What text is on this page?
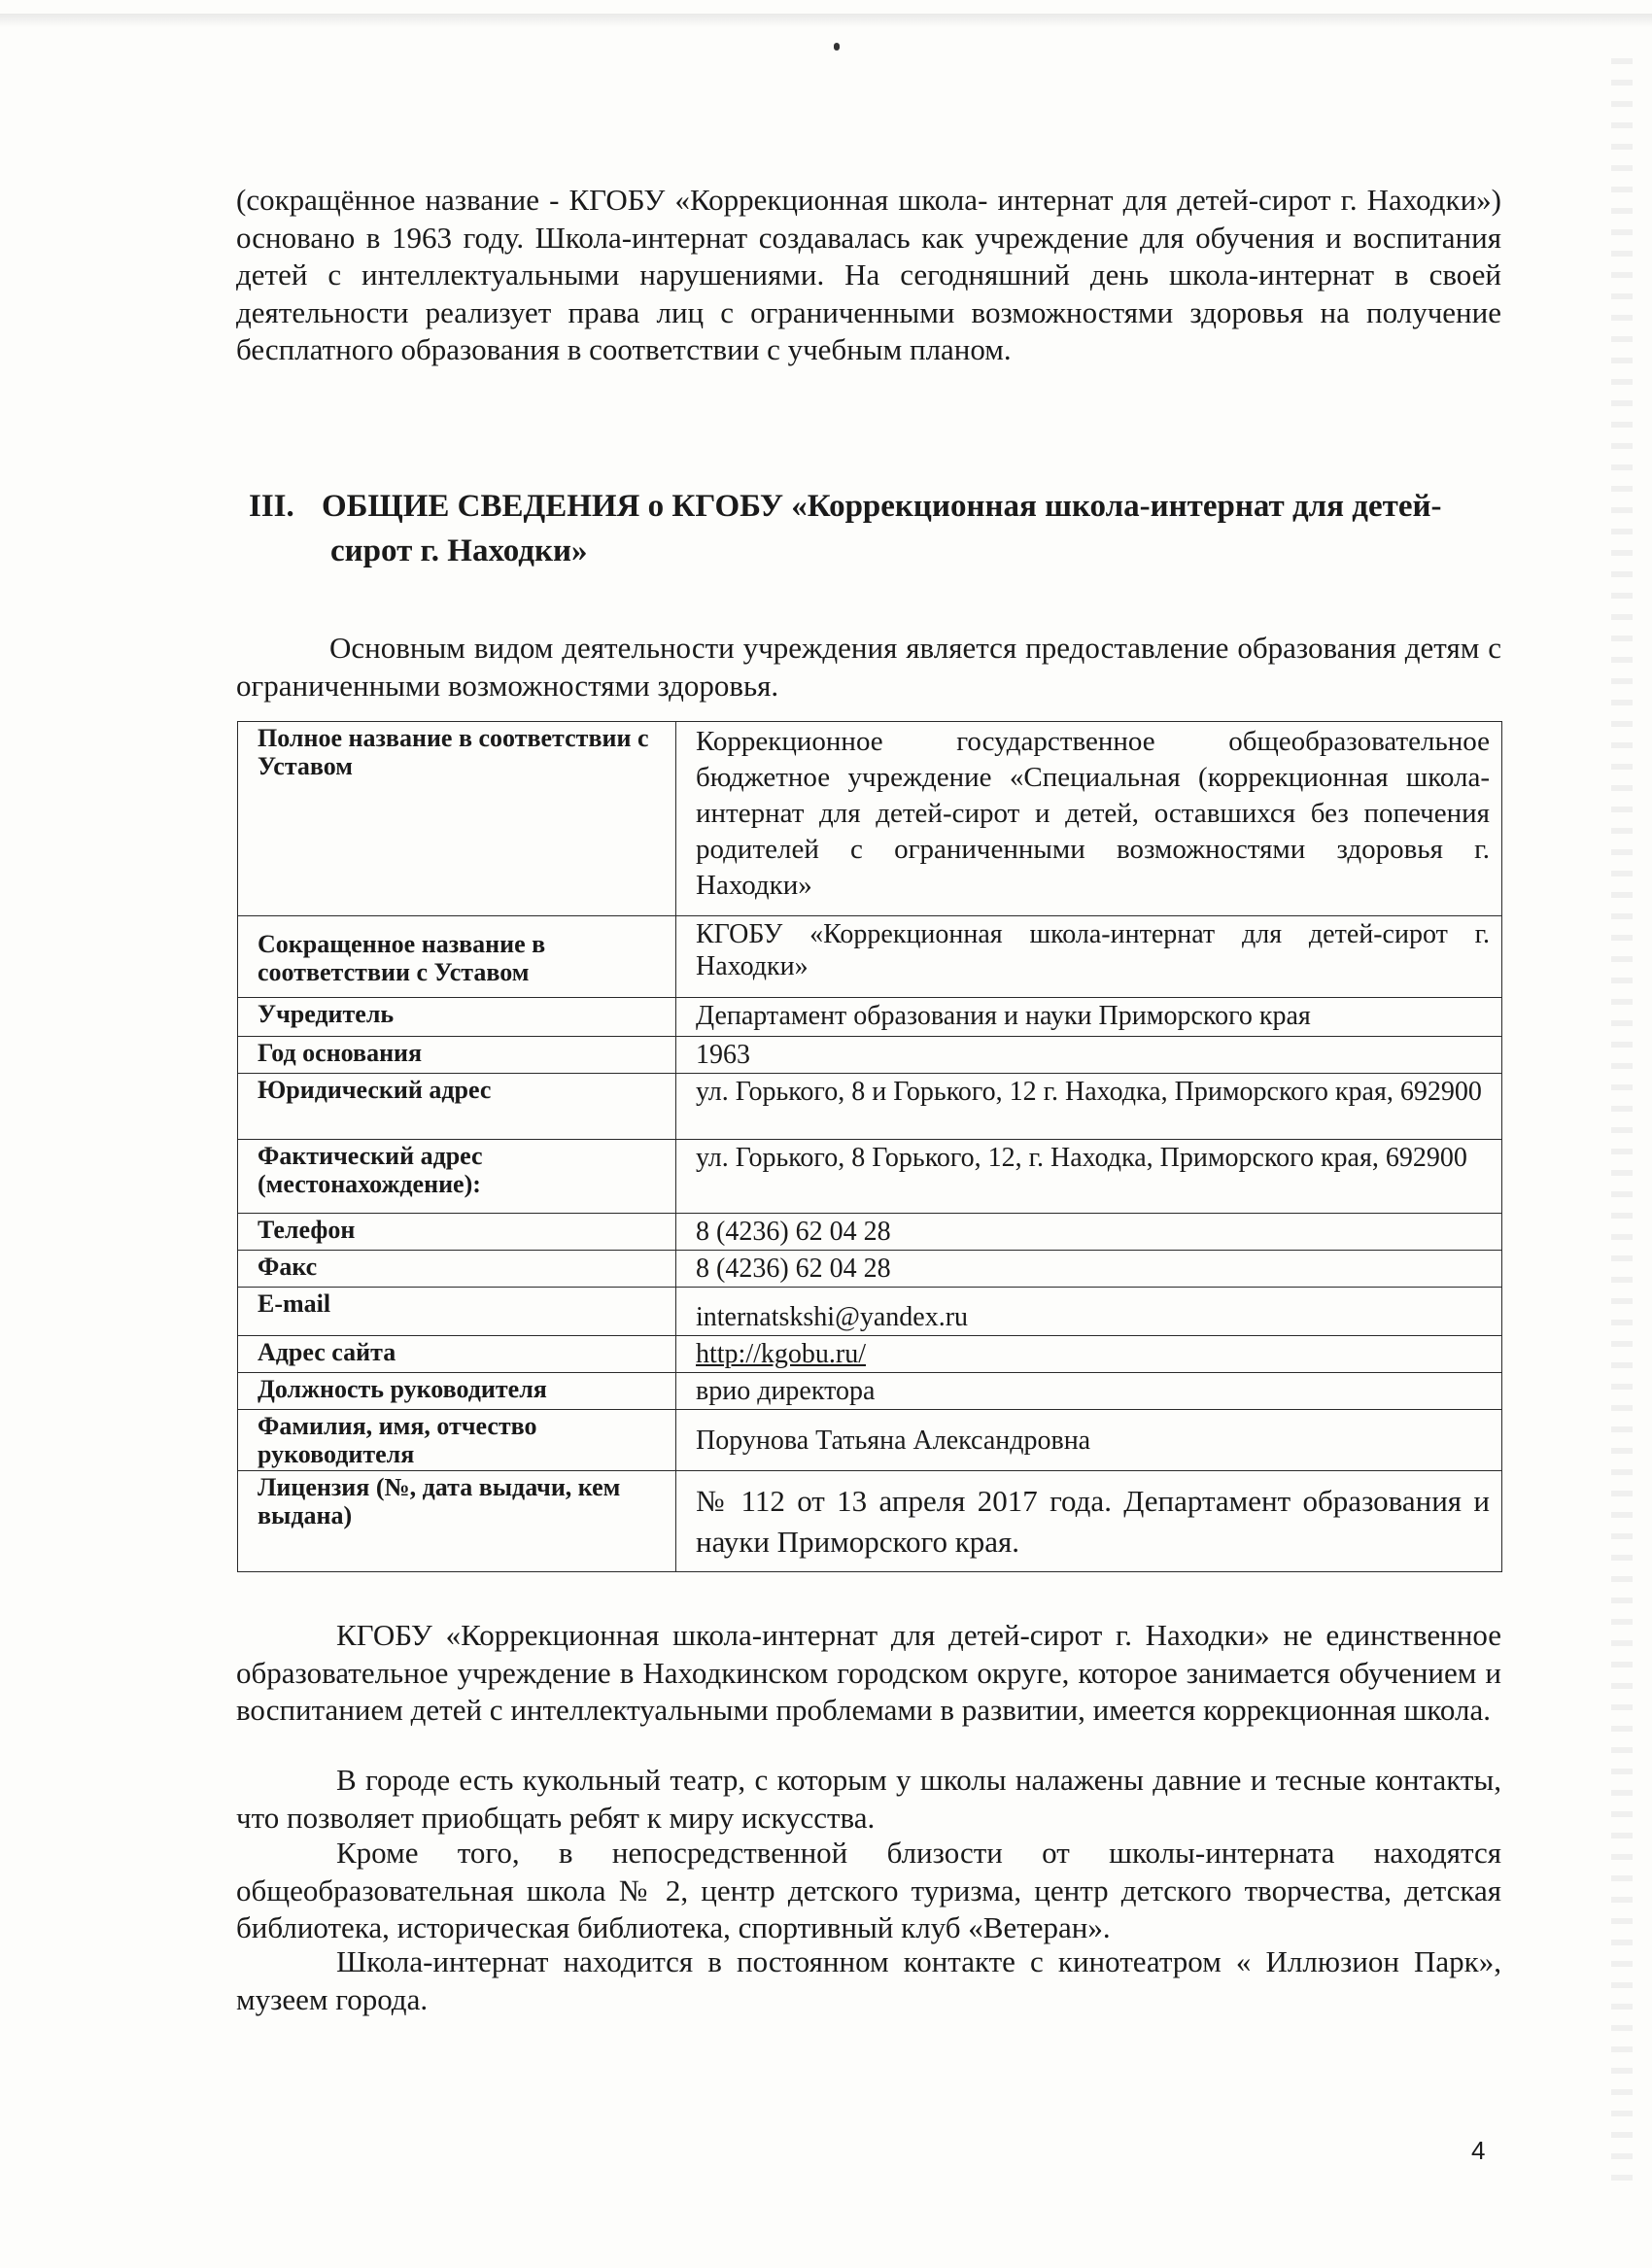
(сокращённое название - КГОБУ «Коррекционная школа- интернат для детей-сирот г. Находки») основано в 1963 году. Школа-интернат создавалась как учреждение для обучения и воспитания детей с интеллектуальными нарушениями. На сегодняшний день школа-интернат в своей деятельности реализует права лиц с ограниченными возможностями здоровья на получение бесплатного образования в соответствии с учебным планом.

III. ОБЩИЕ СВЕДЕНИЯ о КГОБУ «Коррекционная школа-интернат для детей-
сирот г. Находки»

Основным видом деятельности учреждения является предоставление образования детям с ограниченными возможностями здоровья.

Полное название в соответствии с Уставом	Коррекционное государственное общеобразовательное бюджетное учреждение «Специальная (коррекционная школа-интернат для детей-сирот и детей, оставшихся без попечения родителей с ограниченными возможностями здоровья г. Находки»
Сокращенное название в соответствии с Уставом	КГОБУ «Коррекционная школа-интернат для детей-сирот г. Находки»
Учредитель	Департамент образования и науки Приморского края
Год основания	1963
Юридический адрес	ул. Горького, 8 и Горького, 12 г. Находка, Приморского края, 692900
Фактический адрес (местонахождение):	ул. Горького, 8 Горького, 12, г. Находка, Приморского края, 692900
Телефон	8 (4236) 62 04 28
Факс	8 (4236) 62 04 28
E-mail	internatskshi@yandex.ru
Адрес сайта	http://kgobu.ru/
Должность руководителя	врио директора
Фамилия, имя, отчество руководителя	Порунова Татьяна Александровна
Лицензия (№, дата выдачи, кем выдана)	№ 112 от 13 апреля 2017 года. Департамент образования и науки Приморского края.

КГОБУ «Коррекционная школа-интернат для детей-сирот г. Находки» не единственное образовательное учреждение в Находкинском городском округе, которое занимается обучением и воспитанием детей с интеллектуальными проблемами в развитии, имеется коррекционная школа.

В городе есть кукольный театр, с которым у школы налажены давние и тесные контакты, что позволяет приобщать ребят к миру искусства.

Кроме того, в непосредственной близости от школы-интерната находятся общеобразовательная школа № 2, центр детского туризма, центр детского творчества, детская библиотека, историческая библиотека, спортивный клуб «Ветеран».

Школа-интернат находится в постоянном контакте с кинотеатром « Иллюзион Парк», музеем города.

4
